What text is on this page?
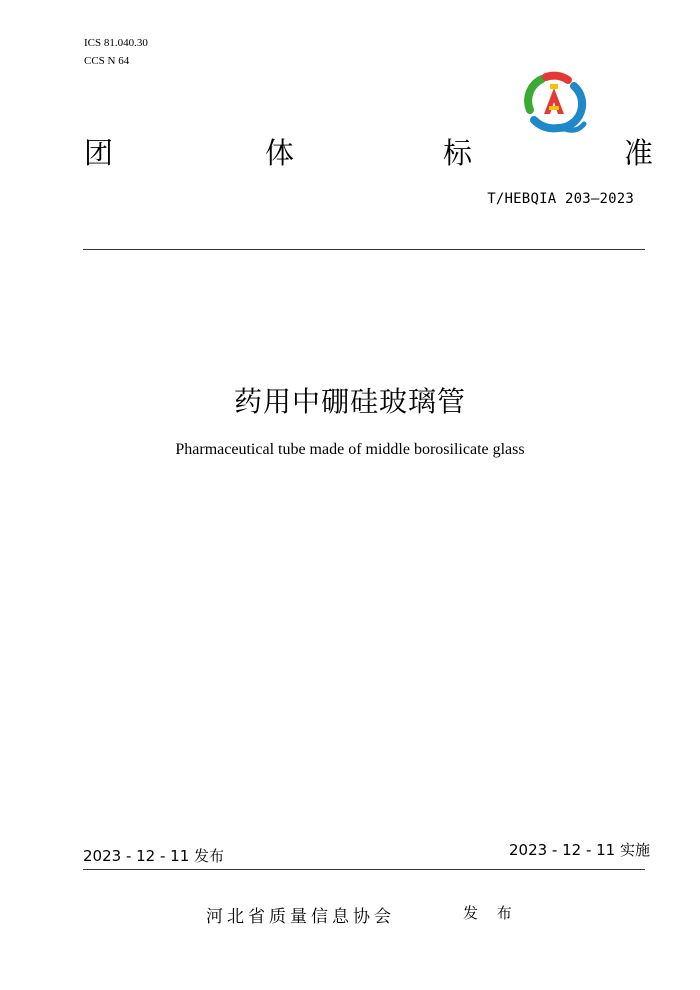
ICS 81.040.30
CCS N 64
团	体	标	准
T/HEBQIA 203—2023
药用中硼硅玻璃管
Pharmaceutical tube made of middle borosilicate glass
2023 - 12 - 11 发布	2023 - 12 - 11 实施
河北省质量信息协会	发 布
